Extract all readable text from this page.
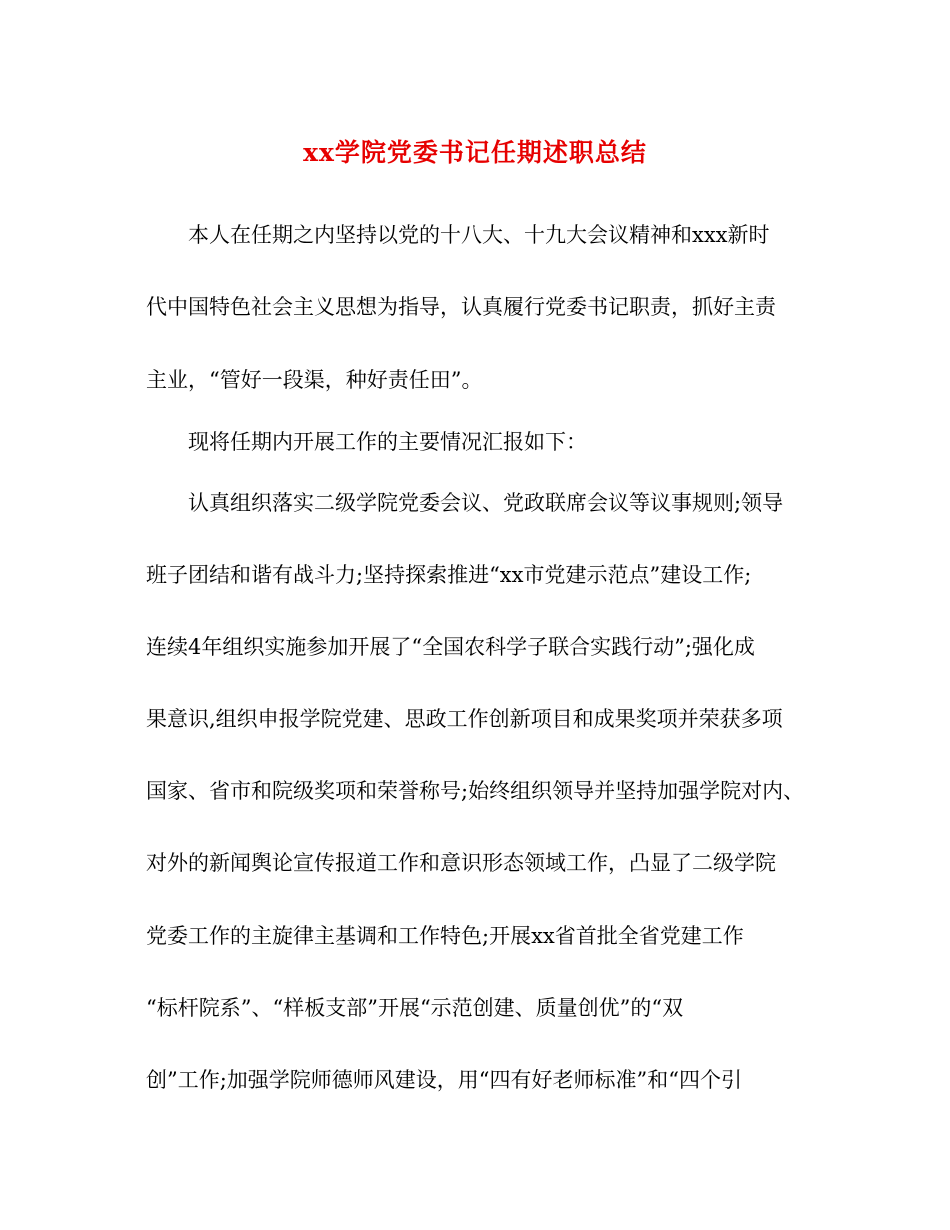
xx学院党委书记任期述职总结
本人在任期之内坚持以党的十八大、十九大会议精神和xxx新时
代中国特色社会主义思想为指导，认真履行党委书记职责，抓好主责
主业，“管好一段渠，种好责任田”。
现将任期内开展工作的主要情况汇报如下：
认真组织落实二级学院党委会议、党政联席会议等议事规则;领导
班子团结和谐有战斗力;坚持探索推进“xx市党建示范点”建设工作;
连续4年组织实施参加开展了“全国农科学子联合实践行动”;强化成
果意识,组织申报学院党建、思政工作创新项目和成果奖项并荣获多项
国家、省市和院级奖项和荣誉称号;始终组织领导并坚持加强学院对内、
对外的新闻舆论宣传报道工作和意识形态领域工作，凸显了二级学院
党委工作的主旋律主基调和工作特色;开展xx省首批全省党建工作
“标杆院系”、“样板支部”开展“示范创建、质量创优”的“双
创”工作;加强学院师德师风建设，用“四有好老师标准”和“四个引
